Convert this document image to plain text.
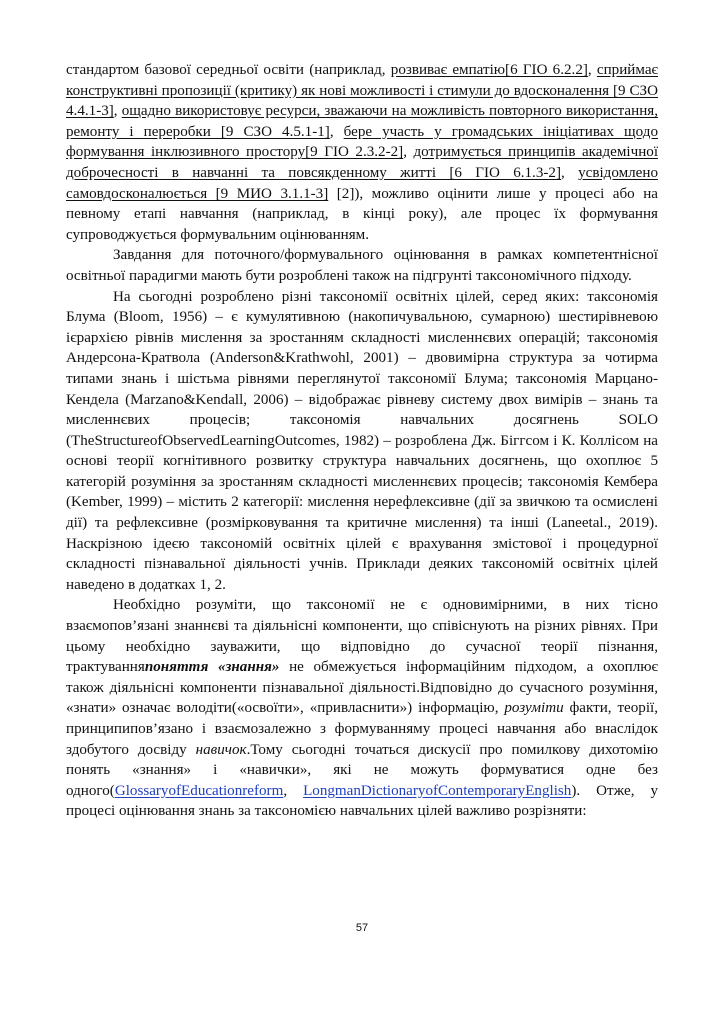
стандартом базової середньої освіти (наприклад, розвиває емпатію[6 ГІО 6.2.2], сприймає конструктивні пропозиції (критику) як нові можливості і стимули до вдосконалення [9 СЗО 4.4.1-3], ощадно використовує ресурси, зважаючи на можливість повторного використання, ремонту і переробки [9 СЗО 4.5.1-1], бере участь у громадських ініціативах щодо формування інклюзивного простору[9 ГІО 2.3.2-2], дотримується принципів академічної доброчесності в навчанні та повсякденному житті [6 ГІО 6.1.3-2], усвідомлено самовдосконалюється [9 МИО 3.1.1-3] [2]), можливо оцінити лише у процесі або на певному етапі навчання (наприклад, в кінці року), але процес їх формування супроводжується формувальним оцінюванням.

Завдання для поточного/формувального оцінювання в рамках компетентнісної освітньої парадигми мають бути розроблені також на підгрунті таксономічного підходу.

На сьогодні розроблено різні таксономії освітніх цілей, серед яких: таксономія Блума (Bloom, 1956) – є кумулятивною (накопичувальною, сумарною) шестирівневою ієрархією рівнів мислення за зростанням складності мисленнєвих операцій; таксономія Андерсона-Кратвола (Anderson&Krathwohl, 2001) – двовимірна структура за чотирма типами знань і шістьма рівнями переглянутої таксономії Блума; таксономія Марцано-Кендела (Marzano&Kendall, 2006) – відображає рівневу систему двох вимірів – знань та мисленнєвих процесів; таксономія навчальних досягнень SOLO (TheStructureofObservedLearningOutcomes, 1982) – розроблена Дж. Біггсом і К. Коллісом на основі теорії когнітивного розвитку структура навчальних досягнень, що охоплює 5 категорій розуміння за зростанням складності мисленнєвих процесів; таксономія Кембера (Kember, 1999) – містить 2 категорії: мислення нерефлексивне (дії за звичкою та осмислені дії) та рефлексивне (розмірковування та критичне мислення) та інші (Laneetal., 2019). Наскрізною ідеєю таксономій освітніх цілей є врахування змістової і процедурної складності пізнавальної діяльності учнів. Приклади деяких таксономій освітніх цілей наведено в додатках 1, 2.

Необхідно розуміти, що таксономії не є одновимірними, в них тісно взаємопов’язані знаннєві та діяльнісні компоненти, що співіснують на різних рівнях. При цьому необхідно зауважити, що відповідно до сучасної теорії пізнання, трактуванняпоняття «знання» не обмежується інформаційним підходом, а охоплює також діяльнісні компоненти пізнавальної діяльності.Відповідно до сучасного розуміння, «знати» означає володіти(«освоїти», «привласнити») інформацію, розуміти факти, теорії, принципипов’язано і взаємозалежно з формуванняму процесі навчання або внаслідок здобутого досвіду навичок.Тому сьогодні точаться дискусії про помилкову дихотомію понять «знання» і «навички», які не можуть формуватися одне без одного(GlossaryofEducationreform, LongmanDictionaryofContemporaryEnglish). Отже, у процесі оцінювання знань за таксономією навчальних цілей важливо розрізняти:

57
